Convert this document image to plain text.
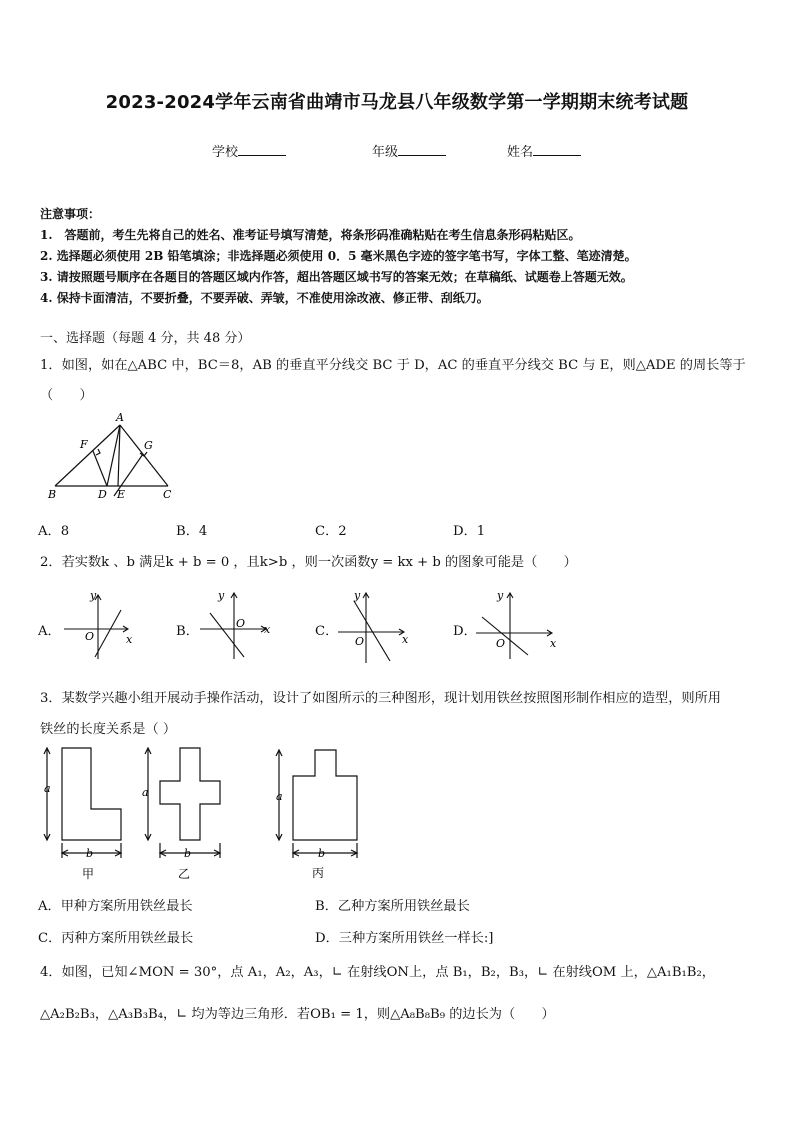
2023-2024学年云南省曲靖市马龙县八年级数学第一学期期末统考试题
学校	年级	姓名
注意事项：
1.　答题前，考生先将自己的姓名、准考证号填写清楚，将条形码准确粘贴在考生信息条形码粘贴区。
2. 选择题必须使用 2B 铅笔填涂；非选择题必须使用 0．5 毫米黑色字迹的签字笔书写，字体工整、笔迹清楚。
3. 请按照题号顺序在各题目的答题区域内作答，超出答题区域书写的答案无效；在草稿纸、试题卷上答题无效。
4. 保持卡面清洁，不要折叠，不要弄破、弄皱，不准使用涂改液、修正带、刮纸刀。
一、选择题（每题 4 分，共 48 分）
1．如图，如在△ABC 中，BC＝8，AB 的垂直平分线交 BC 于 D，AC 的垂直平分线交 BC 与 E，则△ADE 的周长等于
（　　）
A
F	G
B	D E	C
A．8	B．4	C．2	D．1
2．若实数k 、b 满足k + b = 0 ，且k>b ，则一次函数y = kx + b 的图象可能是（　　）
A．
y
x
O	B．
y
x
O
C．
y
x
O
D．
y
x
O
3．某数学兴趣小组开展动手操作活动，设计了如图所示的三种图形，现计划用铁丝按照图形制作相应的造型，则所用
铁丝的长度关系是（ ）
a
b
甲
a
b
乙
a
b
丙
A．甲种方案所用铁丝最长	B．乙种方案所用铁丝最长
C．丙种方案所用铁丝最长	D．三种方案所用铁丝一样长:]
4．如图，已知∠MON = 30°，点 A₁，A₂，A₃，∟ 在射线ON上，点 B₁，B₂，B₃，∟ 在射线OM 上，△A₁B₁B₂，
△A₂B₂B₃，△A₃B₃B₄，∟ 均为等边三角形．若OB₁ = 1，则△A₈B₈B₉ 的边长为（　　）
